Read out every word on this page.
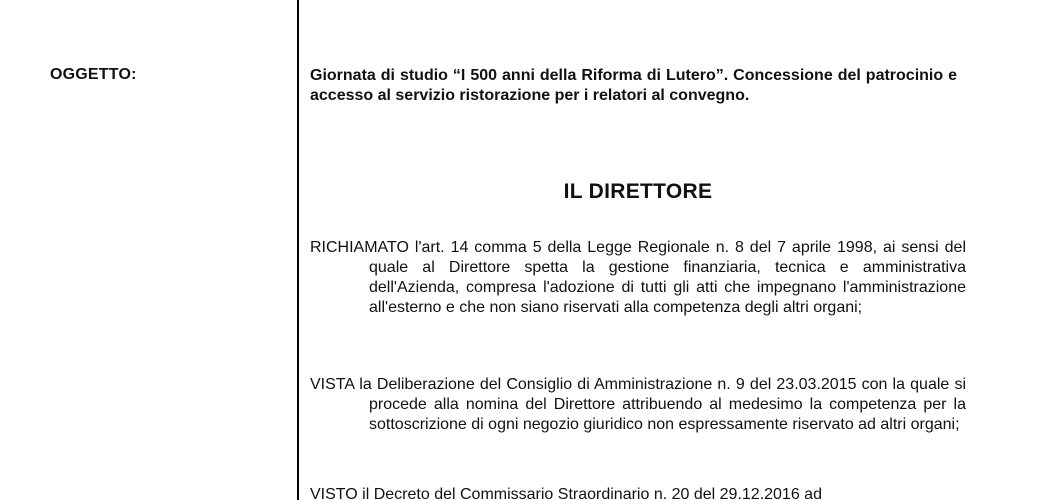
OGGETTO:	Giornata di studio “I 500 anni della Riforma di Lutero”. Concessione del patrocinio e accesso al servizio ristorazione per i relatori al convegno.
IL DIRETTORE
RICHIAMATO l'art. 14 comma 5 della Legge Regionale n. 8 del 7 aprile 1998, ai sensi del quale al Direttore spetta la gestione finanziaria, tecnica e amministrativa dell'Azienda, compresa l'adozione di tutti gli atti che impegnano l'amministrazione all'esterno e che non siano riservati alla competenza degli altri organi;
VISTA la Deliberazione del Consiglio di Amministrazione n. 9 del 23.03.2015 con la quale si procede alla nomina del Direttore attribuendo al medesimo la competenza per la sottoscrizione di ogni negozio giuridico non espressamente riservato ad altri organi;
VISTO il Decreto del Commissario Straordinario n. 20 del 29.12.2016 ad
